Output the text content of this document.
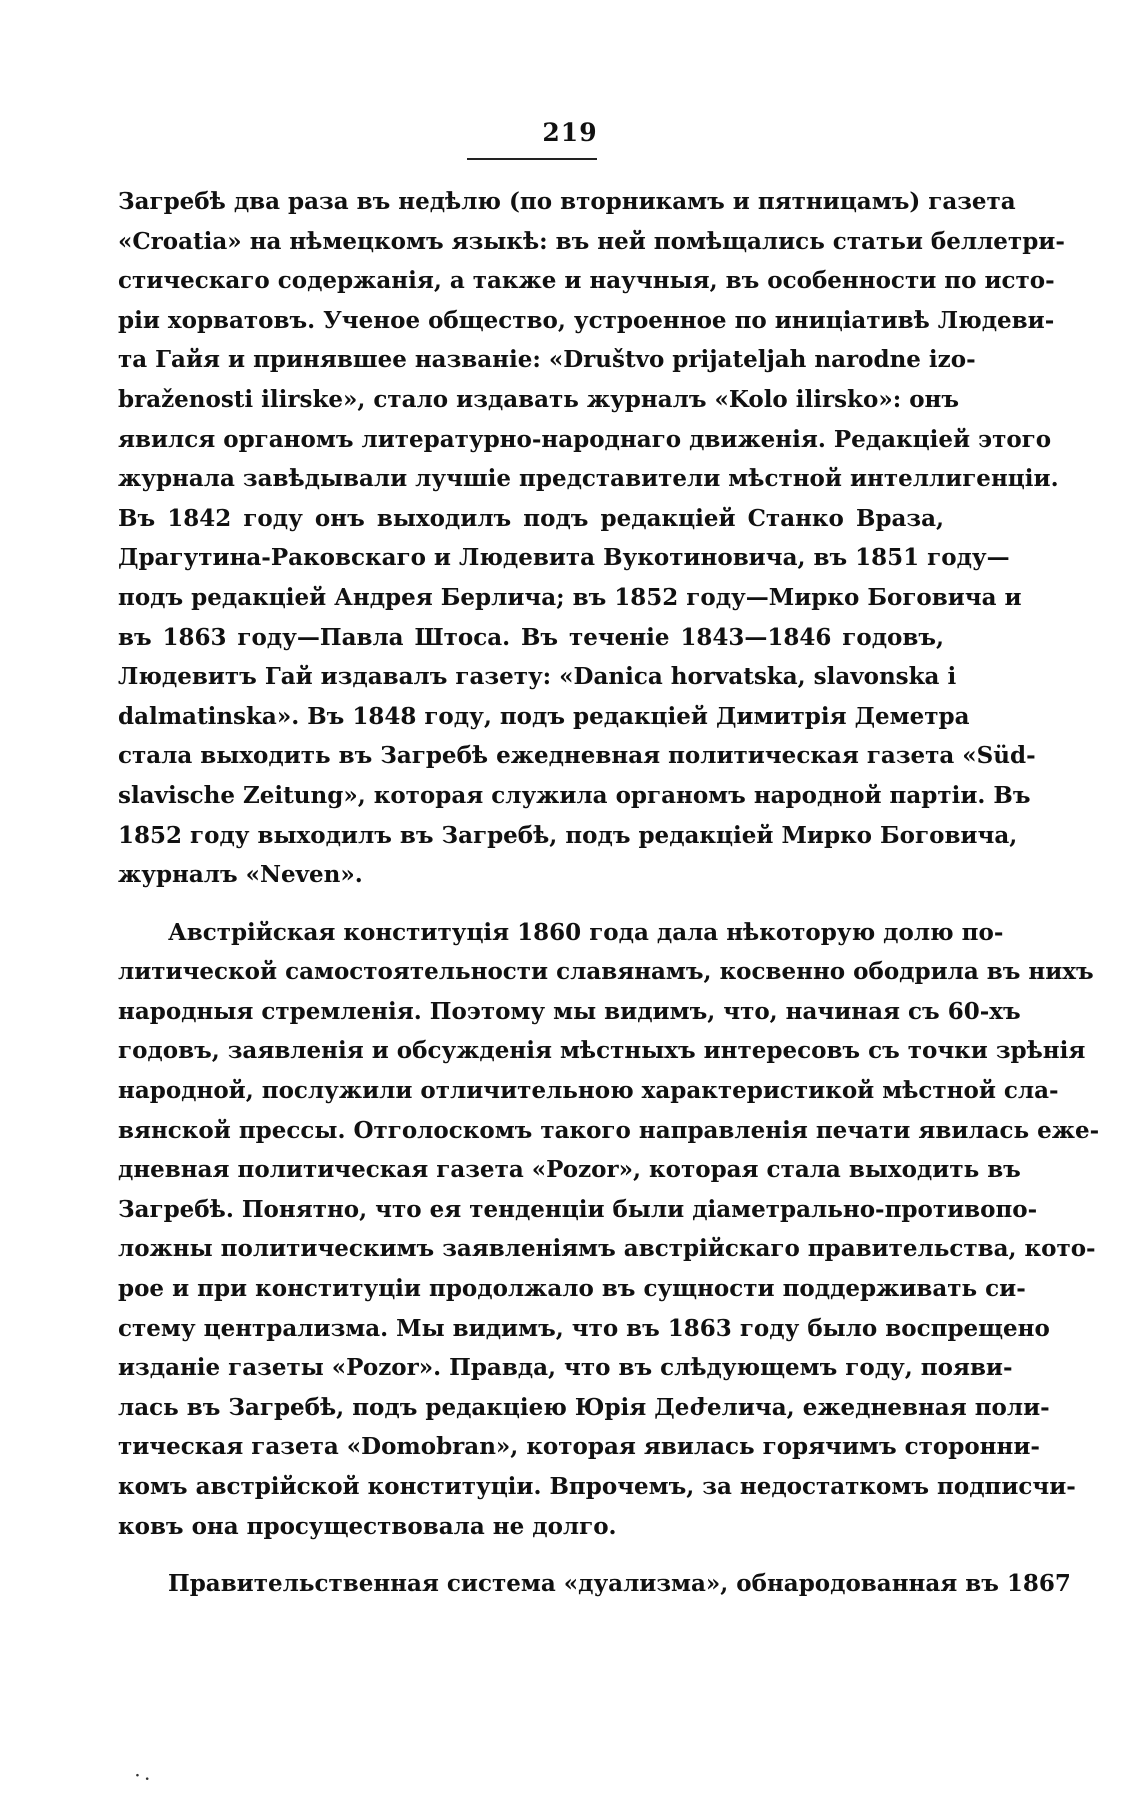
219
Загребѣ два раза въ недѣлю (по вторникамъ и пятницамъ) газета
«Croatia» на нѣмецкомъ языкѣ: въ ней помѣщались статьи беллетри-
стическаго содержанія, а также и научныя, въ особенности по исто-
ріи хорватовъ. Ученое общество, устроенное по иниціативѣ Людеви-
та Гайя и принявшее названіе: «Društvo prijateljah narodne izo-
braženosti ilirske», стало издавать журналъ «Kolo ilirsko»: онъ
явился органомъ литературно-народнаго движенія. Редакціей этого
журнала завѣдывали лучшіе представители мѣстной интеллигенціи.
Въ 1842 году онъ выходилъ подъ редакціей Станко Враза,
Драгутина-Раковскаго и Людевита Вукотиновича, въ 1851 году—
подъ редакціей Андрея Берлича; въ 1852 году—Мирко Боговича и
въ 1863 году—Павла Штоса. Въ теченіе 1843—1846 годовъ,
Людевитъ Гай издавалъ газету: «Danica horvatska, slavonska i
dalmatinska». Въ 1848 году, подъ редакціей Димитрія Деметра
стала выходить въ Загребѣ ежедневная политическая газета «Süd-
slavische Zeitung», которая служила органомъ народной партіи. Въ
1852 году выходилъ въ Загребѣ, подъ редакціей Мирко Боговича,
журналъ «Neven».
Австрійская конституція 1860 года дала нѣкоторую долю по-
литической самостоятельности славянамъ, косвенно ободрила въ нихъ
народныя стремленія. Поэтому мы видимъ, что, начиная съ 60-хъ
годовъ, заявленія и обсужденія мѣстныхъ интересовъ съ точки зрѣнія
народной, послужили отличительною характеристикой мѣстной сла-
вянской прессы. Отголоскомъ такого направленія печати явилась еже-
дневная политическая газета «Pozor», которая стала выходить въ
Загребѣ. Понятно, что ея тенденціи были діаметрально-противопо-
ложны политическимъ заявленіямъ австрійскаго правительства, кото-
рое и при конституціи продолжало въ сущности поддерживать си-
стему централизма. Мы видимъ, что въ 1863 году было воспрещено
изданіе газеты «Pozor». Правда, что въ слѣдующемъ году, появи-
лась въ Загребѣ, подъ редакціею Юрія Деժелича, ежедневная поли-
тическая газета «Domobran», которая явилась горячимъ сторонни-
комъ австрійской конституціи. Впрочемъ, за недостаткомъ подписчи-
ковъ она просуществовала не долго.
Правительственная система «дуализма», обнародованная въ 1867
· .
